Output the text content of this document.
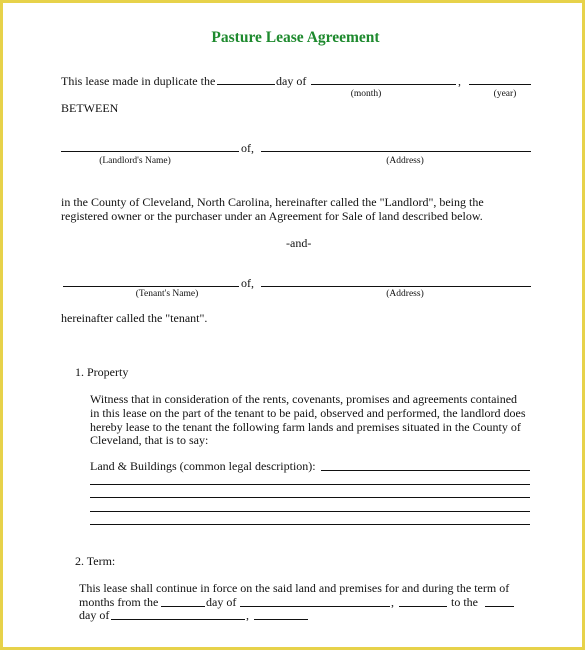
Pasture Lease Agreement
This lease made in duplicate the	day of	,
(month)	(year)
BETWEEN
of,
(Landlord's Name)	(Address)
in the County of Cleveland, North Carolina, hereinafter called the "Landlord", being the
registered owner or the purchaser under an Agreement for Sale of land described below.
-and-
of,
(Tenant's Name)	(Address)
hereinafter called the "tenant".
1. Property
Witness that in consideration of the rents, covenants, promises and agreements contained
in this lease on the part of the tenant to be paid, observed and performed, the landlord does
hereby lease to the tenant the following farm lands and premises situated in the County of
Cleveland, that is to say:
Land & Buildings (common legal description):
2. Term:
This lease shall continue in force on the said land and premises for and during the term of
months from the	day of	,	to the
day of	,
